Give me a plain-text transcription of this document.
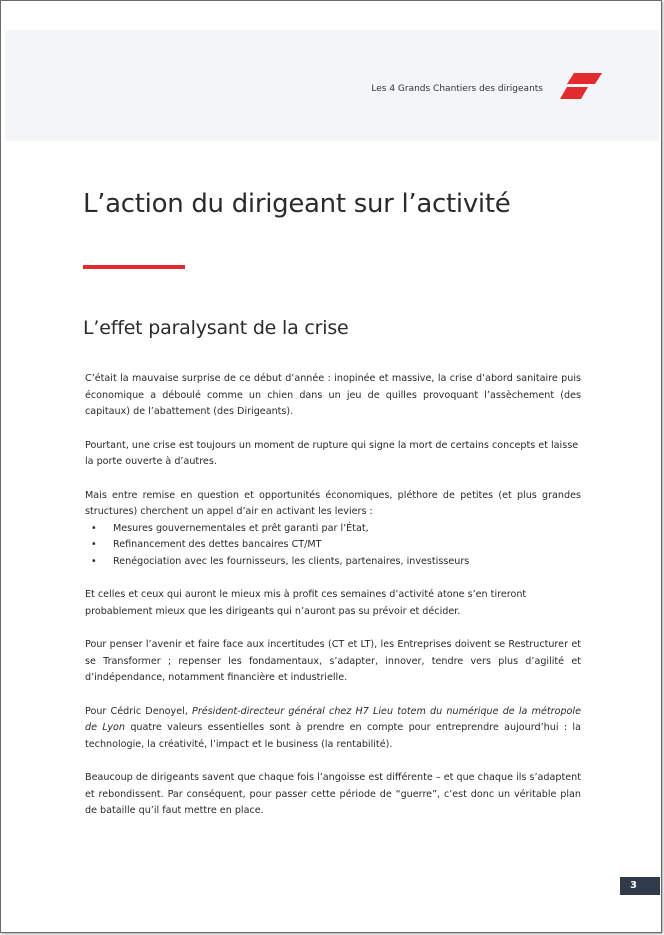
Les 4 Grands Chantiers des dirigeants
L’action du dirigeant sur l’activité
L’effet paralysant de la crise

C’était la mauvaise surprise de ce début d’année : inopinée et massive, la crise d’abord sanitaire puis économique a déboulé comme un chien dans un jeu de quilles provoquant l’assèchement (des capitaux) de l’abattement (des Dirigeants).

Pourtant, une crise est toujours un moment de rupture qui signe la mort de certains concepts et laisse la porte ouverte à d’autres.

Mais entre remise en question et opportunités économiques, pléthore de petites (et plus grandes structures) cherchent un appel d’air en activant les leviers :

• Mesures gouvernementales et prêt garanti par l’État,
• Refinancement des dettes bancaires CT/MT
• Renégociation avec les fournisseurs, les clients, partenaires, investisseurs

Et celles et ceux qui auront le mieux mis à profit ces semaines d’activité atone s’en tireront probablement mieux que les dirigeants qui n’auront pas su prévoir et décider.

Pour penser l’avenir et faire face aux incertitudes (CT et LT), les Entreprises doivent se Restructurer et se Transformer ; repenser les fondamentaux, s’adapter, innover, tendre vers plus d’agilité et d’indépendance, notamment financière et industrielle.

Pour Cédric Denoyel, Président-directeur général chez H7 Lieu totem du numérique de la métropole de Lyon quatre valeurs essentielles sont à prendre en compte pour entreprendre aujourd’hui : la technologie, la créativité, l’impact et le business (la rentabilité).

Beaucoup de dirigeants savent que chaque fois l’angoisse est différente – et que chaque ils s’adaptent et rebondissent. Par conséquent, pour passer cette période de “guerre”, c’est donc un véritable plan de bataille qu’il faut mettre en place.

3
